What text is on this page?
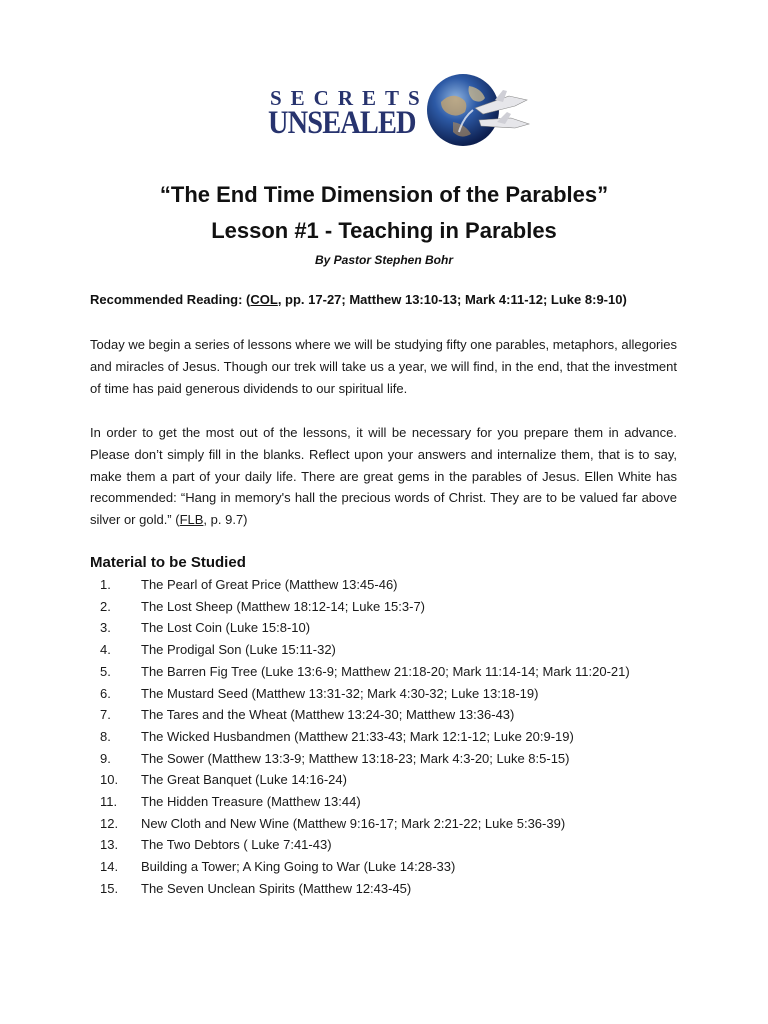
SECRETS
UNSEALED
“The End Time Dimension of the Parables”
Lesson #1 - Teaching in Parables
By Pastor Stephen Bohr
Recommended Reading: (COL, pp. 17-27; Matthew 13:10-13; Mark 4:11-12; Luke 8:9-10)
Today we begin a series of lessons where we will be studying fifty one parables, metaphors, allegories and miracles of Jesus. Though our trek will take us a year, we will find, in the end, that the investment of time has paid generous dividends to our spiritual life.
In order to get the most out of the lessons, it will be necessary for you prepare them in advance. Please don’t simply fill in the blanks. Reflect upon your answers and internalize them, that is to say, make them a part of your daily life. There are great gems in the parables of Jesus. Ellen White has recommended: “Hang in memory's hall the precious words of Christ. They are to be valued far above silver or gold.” (FLB, p. 9.7)
Material to be Studied
1.	The Pearl of Great Price (Matthew 13:45-46)
2.	The Lost Sheep (Matthew 18:12-14; Luke 15:3-7)
3.	The Lost Coin (Luke 15:8-10)
4.	The Prodigal Son (Luke 15:11-32)
5.	The Barren Fig Tree (Luke 13:6-9; Matthew 21:18-20; Mark 11:14-14; Mark 11:20-21)
6.	The Mustard Seed (Matthew 13:31-32; Mark 4:30-32; Luke 13:18-19)
7.	The Tares and the Wheat (Matthew 13:24-30; Matthew 13:36-43)
8.	The Wicked Husbandmen (Matthew 21:33-43; Mark 12:1-12; Luke 20:9-19)
9.	The Sower (Matthew 13:3-9; Matthew 13:18-23; Mark 4:3-20; Luke 8:5-15)
10.	The Great Banquet (Luke 14:16-24)
11.	The Hidden Treasure (Matthew 13:44)
12.	New Cloth and New Wine (Matthew 9:16-17; Mark 2:21-22; Luke 5:36-39)
13.	The Two Debtors ( Luke 7:41-43)
14.	Building a Tower; A King Going to War (Luke 14:28-33)
15.	The Seven Unclean Spirits (Matthew 12:43-45)
